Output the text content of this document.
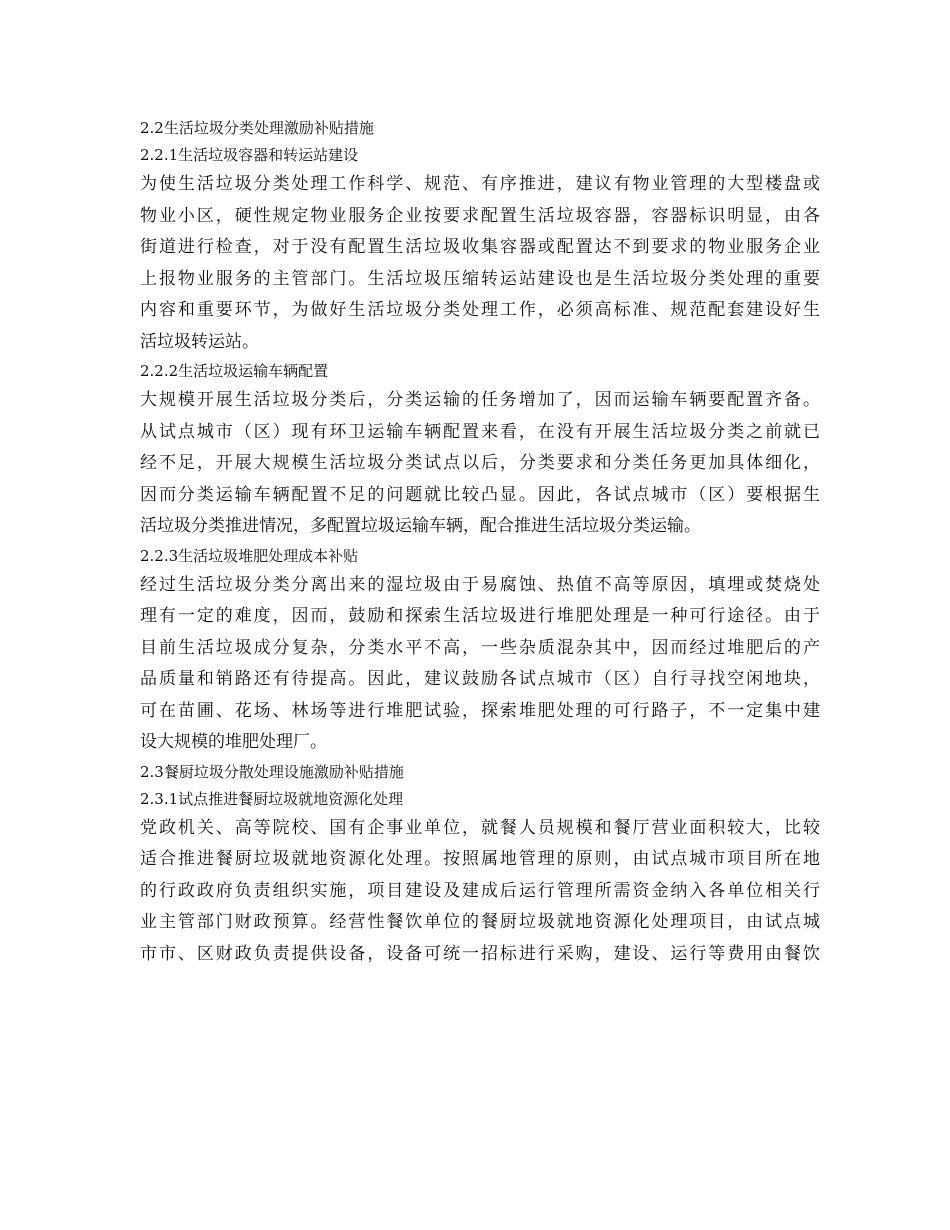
2.2生活垃圾分类处理激励补贴措施
2.2.1生活垃圾容器和转运站建设
为使生活垃圾分类处理工作科学、规范、有序推进，建议有物业管理的大型楼盘或
物业小区，硬性规定物业服务企业按要求配置生活垃圾容器，容器标识明显，由各
街道进行检查，对于没有配置生活垃圾收集容器或配置达不到要求的物业服务企业
上报物业服务的主管部门。生活垃圾压缩转运站建设也是生活垃圾分类处理的重要
内容和重要环节，为做好生活垃圾分类处理工作，必须高标准、规范配套建设好生
活垃圾转运站。
2.2.2生活垃圾运输车辆配置
大规模开展生活垃圾分类后，分类运输的任务增加了，因而运输车辆要配置齐备。
从试点城市（区）现有环卫运输车辆配置来看，在没有开展生活垃圾分类之前就已
经不足，开展大规模生活垃圾分类试点以后，分类要求和分类任务更加具体细化，
因而分类运输车辆配置不足的问题就比较凸显。因此，各试点城市（区）要根据生
活垃圾分类推进情况，多配置垃圾运输车辆，配合推进生活垃圾分类运输。
2.2.3生活垃圾堆肥处理成本补贴
经过生活垃圾分类分离出来的湿垃圾由于易腐蚀、热值不高等原因，填埋或焚烧处
理有一定的难度，因而，鼓励和探索生活垃圾进行堆肥处理是一种可行途径。由于
目前生活垃圾成分复杂，分类水平不高，一些杂质混杂其中，因而经过堆肥后的产
品质量和销路还有待提高。因此，建议鼓励各试点城市（区）自行寻找空闲地块，
可在苗圃、花场、林场等进行堆肥试验，探索堆肥处理的可行路子，不一定集中建
设大规模的堆肥处理厂。
2.3餐厨垃圾分散处理设施激励补贴措施
2.3.1试点推进餐厨垃圾就地资源化处理
党政机关、高等院校、国有企事业单位，就餐人员规模和餐厅营业面积较大，比较
适合推进餐厨垃圾就地资源化处理。按照属地管理的原则，由试点城市项目所在地
的行政政府负责组织实施，项目建设及建成后运行管理所需资金纳入各单位相关行
业主管部门财政预算。经营性餐饮单位的餐厨垃圾就地资源化处理项目，由试点城
市市、区财政负责提供设备，设备可统一招标进行采购，建设、运行等费用由餐饮
